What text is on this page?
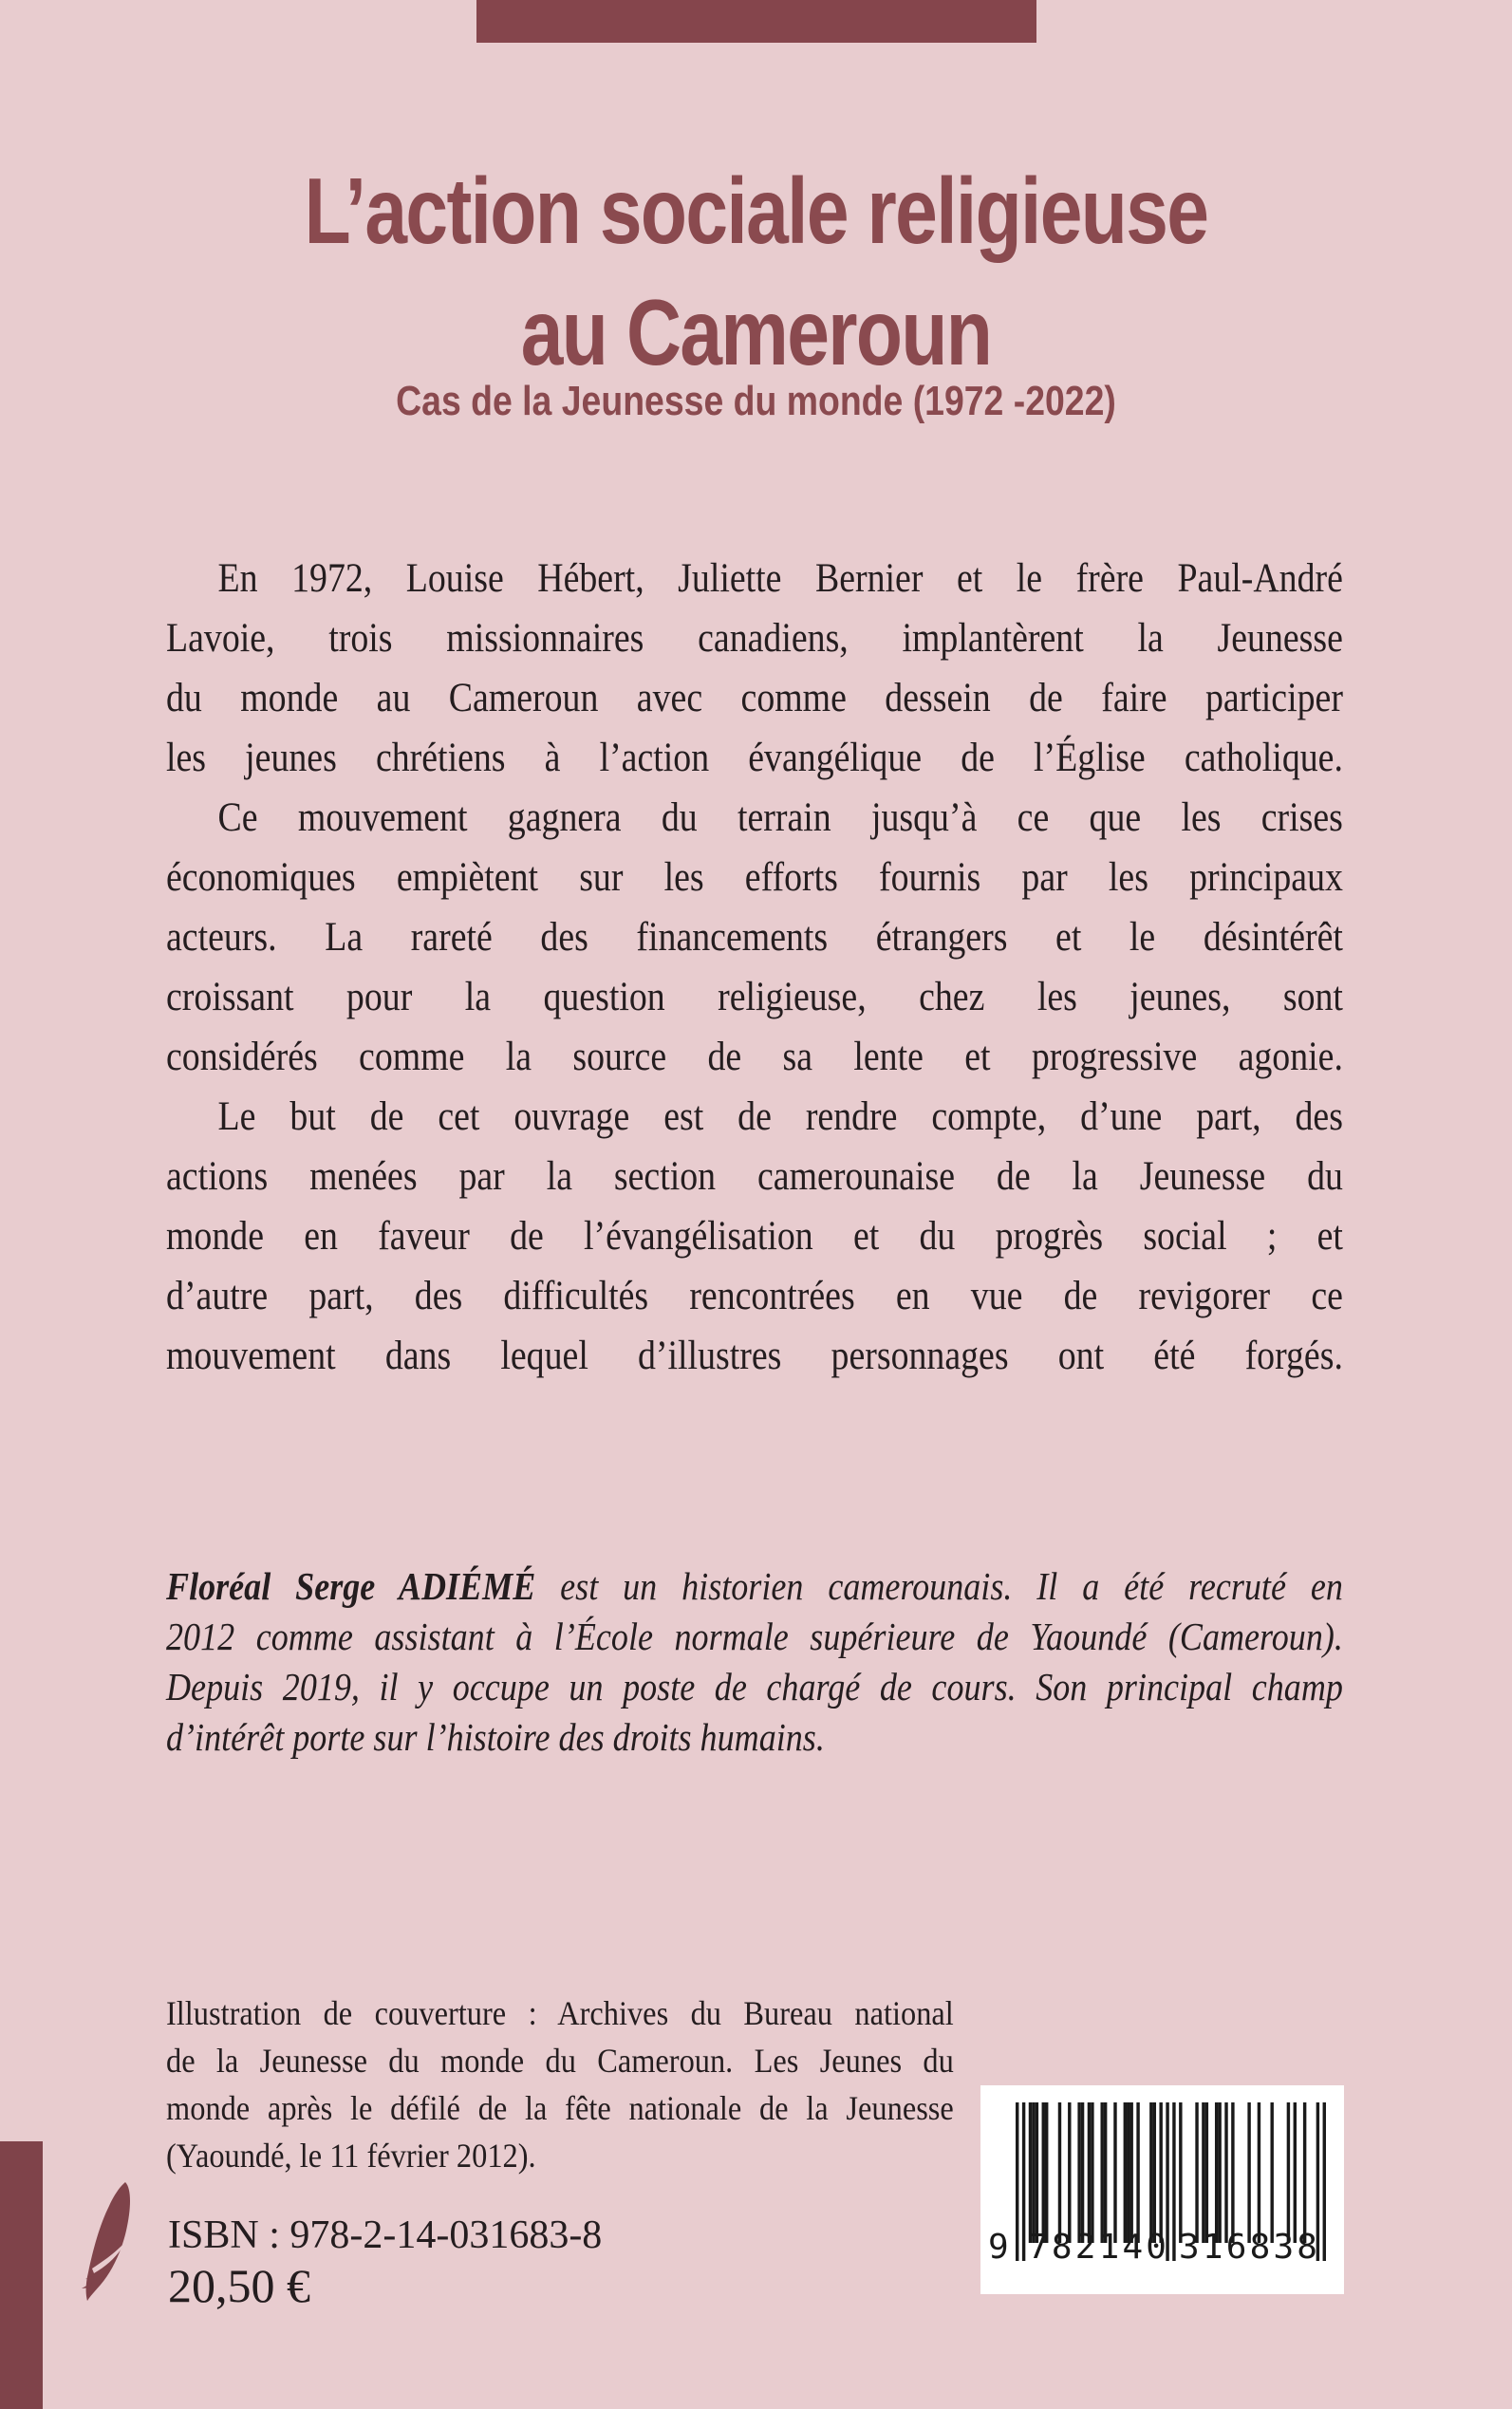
L’action sociale religieuse
au Cameroun
Cas de la Jeunesse du monde (1972 -2022)
En 1972, Louise Hébert, Juliette Bernier et le frère Paul-André
Lavoie, trois missionnaires canadiens, implantèrent la Jeunesse
du monde au Cameroun avec comme dessein de faire participer
les jeunes chrétiens à l’action évangélique de l’Église catholique.
Ce mouvement gagnera du terrain jusqu’à ce que les crises
économiques empiètent sur les efforts fournis par les principaux
acteurs. La rareté des financements étrangers et le désintérêt
croissant pour la question religieuse, chez les jeunes, sont
considérés comme la source de sa lente et progressive agonie.
Le but de cet ouvrage est de rendre compte, d’une part, des
actions menées par la section camerounaise de la Jeunesse du
monde en faveur de l’évangélisation et du progrès social ; et
d’autre part, des difficultés rencontrées en vue de revigorer ce
mouvement dans lequel d’illustres personnages ont été forgés.
Floréal Serge ADIÉMÉ est un historien camerounais. Il a été recruté en
2012 comme assistant à l’École normale supérieure de Yaoundé (Cameroun).
Depuis 2019, il y occupe un poste de chargé de cours. Son principal champ
d’intérêt porte sur l’histoire des droits humains.
Illustration de couverture : Archives du Bureau national
de la Jeunesse du monde du Cameroun. Les Jeunes du
monde après le défilé de la fête nationale de la Jeunesse
(Yaoundé, le 11 février 2012).
ISBN : 978-2-14-031683-8
20,50 €
9 7 8 2 1 4 0 3 1 6 8 3 8
